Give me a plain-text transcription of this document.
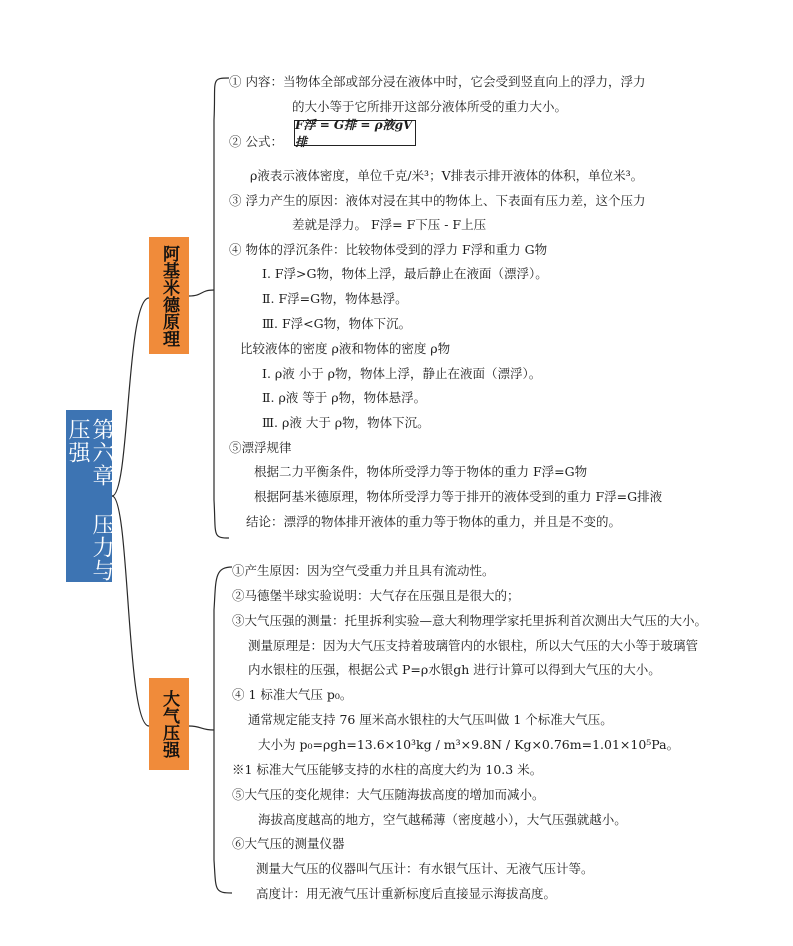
第六章 压力与压强
阿基米德原理
大气压强
F浮 = G排 = ρ液gV排
① 内容：当物体全部或部分浸在液体中时，它会受到竖直向上的浮力，浮力
的大小等于它所排开这部分液体所受的重力大小。
② 公式：
ρ液表示液体密度，单位千克/米³；V排表示排开液体的体积，单位米³。
③ 浮力产生的原因：液体对浸在其中的物体上、下表面有压力差，这个压力
差就是浮力。 F浮= F下压 - F上压
④ 物体的浮沉条件：比较物体受到的浮力 F浮和重力 G物
Ⅰ. F浮>G物，物体上浮，最后静止在液面（漂浮）。
Ⅱ. F浮=G物，物体悬浮。
Ⅲ. F浮<G物，物体下沉。
比较液体的密度 ρ液和物体的密度 ρ物
Ⅰ. ρ液 小于 ρ物，物体上浮，静止在液面（漂浮）。
Ⅱ. ρ液 等于 ρ物，物体悬浮。
Ⅲ. ρ液 大于 ρ物，物体下沉。
⑤漂浮规律
根据二力平衡条件，物体所受浮力等于物体的重力 F浮=G物
根据阿基米德原理，物体所受浮力等于排开的液体受到的重力 F浮=G排液
结论：漂浮的物体排开液体的重力等于物体的重力，并且是不变的。
①产生原因：因为空气受重力并且具有流动性。
②马德堡半球实验说明：大气存在压强且是很大的；
③大气压强的测量：托里拆利实验—意大利物理学家托里拆利首次测出大气压的大小。
测量原理是：因为大气压支持着玻璃管内的水银柱，所以大气压的大小等于玻璃管
内水银柱的压强，根据公式 P=ρ水银gh 进行计算可以得到大气压的大小。
④ 1 标准大气压 p₀。
通常规定能支持 76 厘米高水银柱的大气压叫做 1 个标准大气压。
大小为 p₀=ρgh=13.6×10³kg / m³×9.8N / Kg×0.76m=1.01×10⁵Pa。
※1 标准大气压能够支持的水柱的高度大约为 10.3 米。
⑤大气压的变化规律：大气压随海拔高度的增加而减小。
海拔高度越高的地方，空气越稀薄（密度越小），大气压强就越小。
⑥大气压的测量仪器
测量大气压的仪器叫气压计：有水银气压计、无液气压计等。
高度计：用无液气压计重新标度后直接显示海拔高度。
